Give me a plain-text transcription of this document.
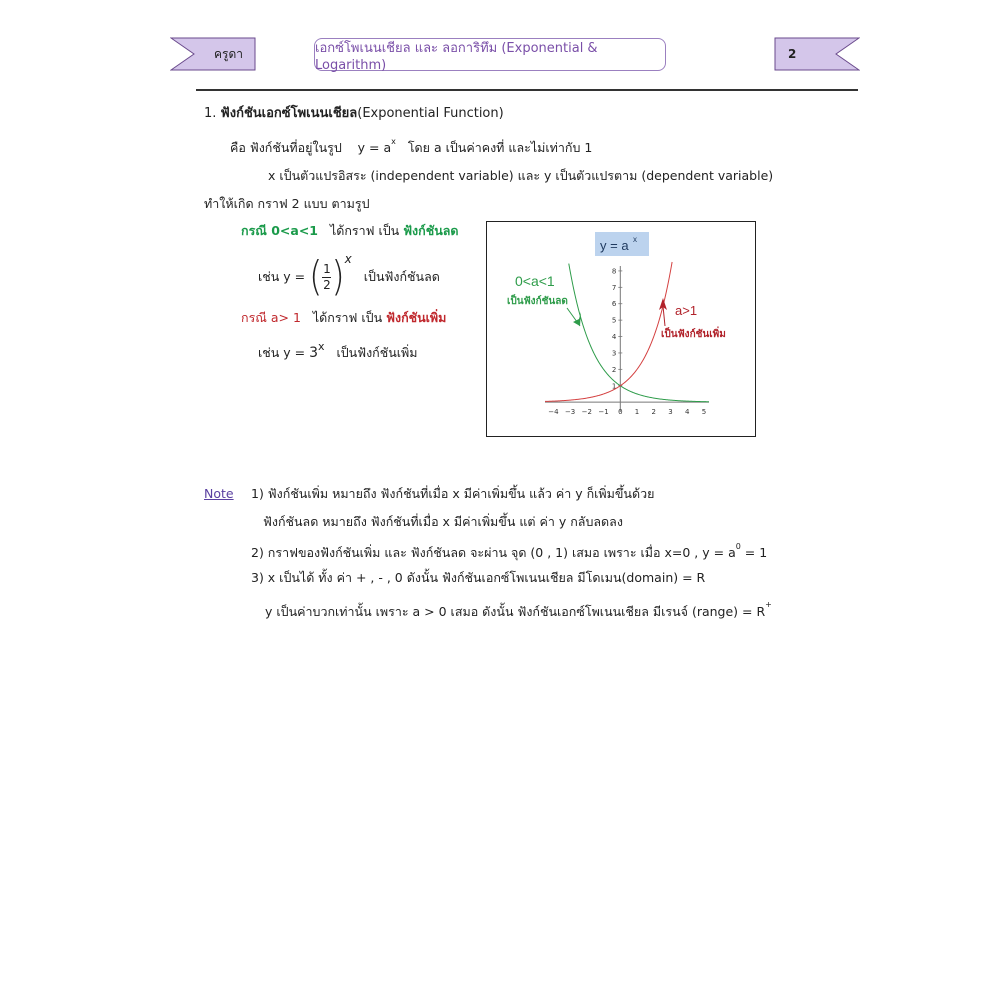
ครูดา	เอกซ์โพเนนเชียล และ ลอการิทึม (Exponential & Logarithm)
2
1. ฟังก์ชันเอกซ์โพเนนเชียล(Exponential Function)
คือ ฟังก์ชันที่อยู่ในรูป $y = a^x$ โดย a เป็นค่าคงที่ และไม่เท่ากับ 1
x เป็นตัวแปรอิสระ (independent variable) และ y เป็นตัวแปรตาม (dependent variable)
ทำให้เกิด กราฟ 2 แบบ ตามรูป
กรณี 0<a<1 ได้กราฟ เป็น ฟังก์ชันลด
เช่น y = ( $\frac{1}{2}$ ) x
เป็นฟังก์ชันลด
กรณี a> 1 ได้กราฟ เป็น ฟังก์ชันเพิ่ม
เช่น y = 3x เป็นฟังก์ชันเพิ่ม
y = a x
−4 −3 −2 −1 0 1 2 3 4 5
1
2
3
4
5
6
7
8
0<a<1
เป็นฟังก์ชันลด
a>1
เป็นฟังก์ชันเพิ่ม
Note 1) ฟังก์ชันเพิ่ม หมายถึง ฟังก์ชันที่เมื่อ x มีค่าเพิ่มขึ้น แล้ว ค่า y ก็เพิ่มขึ้นด้วย
ฟังก์ชันลด หมายถึง ฟังก์ชันที่เมื่อ x มีค่าเพิ่มขึ้น แต่ ค่า y กลับลดลง
2) กราฟของฟังก์ชันเพิ่ม และ ฟังก์ชันลด จะผ่าน จุด (0 , 1) เสมอ เพราะ เมื่อ x=0 , $y = a^0 = 1$
3) x เป็นได้ ทั้ง ค่า + , - , 0 ดังนั้น ฟังก์ชันเอกซ์โพเนนเชียล มีโดเมน(domain) = R
y เป็นค่าบวกเท่านั้น เพราะ a > 0 เสมอ ดังนั้น ฟังก์ชันเอกซ์โพเนนเชียล มีเรนจ์ (range) = R+
